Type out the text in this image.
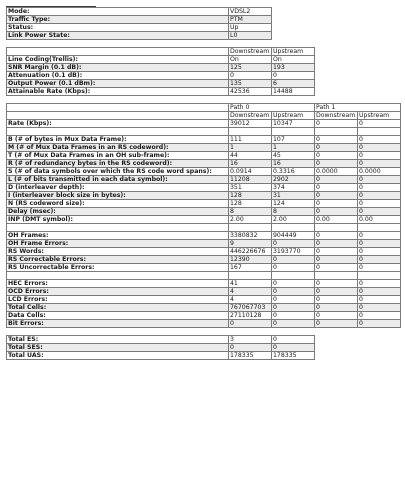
Mode:	VDSL2	
Traffic Type:	PTM	
Status:	Up	
Link Power State:	L0	
	Downstream	Upstream	
Line Coding(Trellis):	On	On	
SNR Margin (0.1 dB):	125	193	
Attenuation (0.1 dB):	0	0	
Output Power (0.1 dBm):	135	6	
Attainable Rate (Kbps):	42536	14488	
	Path 0		Path 1	
	Downstream	Upstream	Downstream	Upstream
Rate (Kbps):	39012	10347	0	0

B (# of bytes in Mux Data Frame):	111	107	0	0
M (# of Mux Data Frames in an RS codeword):	1	1	0	0
T (# of Mux Data Frames in an OH sub-frame):	44	45	0	0
R (# of redundancy bytes in the RS codeword):	16	16	0	0
S (# of data symbols over which the RS code word spans):	0.0914	0.3316	0.0000	0.0000
L (# of bits transmitted in each data symbol):	11208	2902	0	0
D (interleaver depth):	351	374	0	0
I (interleaver block size in bytes):	128	31	0	0
N (RS codeword size):	128	124	0	0
Delay (msec):	8	8	0	0
INP (DMT symbol):	2.00	2.00	0.00	0.00

OH Frames:	3380832	904449	0	0
OH Frame Errors:	9	0	0	0
RS Words:	446226676	3193770	0	0
RS Correctable Errors:	12390	0	0	0
RS Uncorrectable Errors:	167	0	0	0

HEC Errors:	41	0	0	0
OCD Errors:	4	0	0	0
LCD Errors:	4	0	0	0
Total Cells:	767067703	0	0	0
Data Cells:	27110128	0	0	0
Bit Errors:	0	0	0	0
Total ES:	3	0	
Total SES:	0	0	
Total UAS:	178335	178335	
